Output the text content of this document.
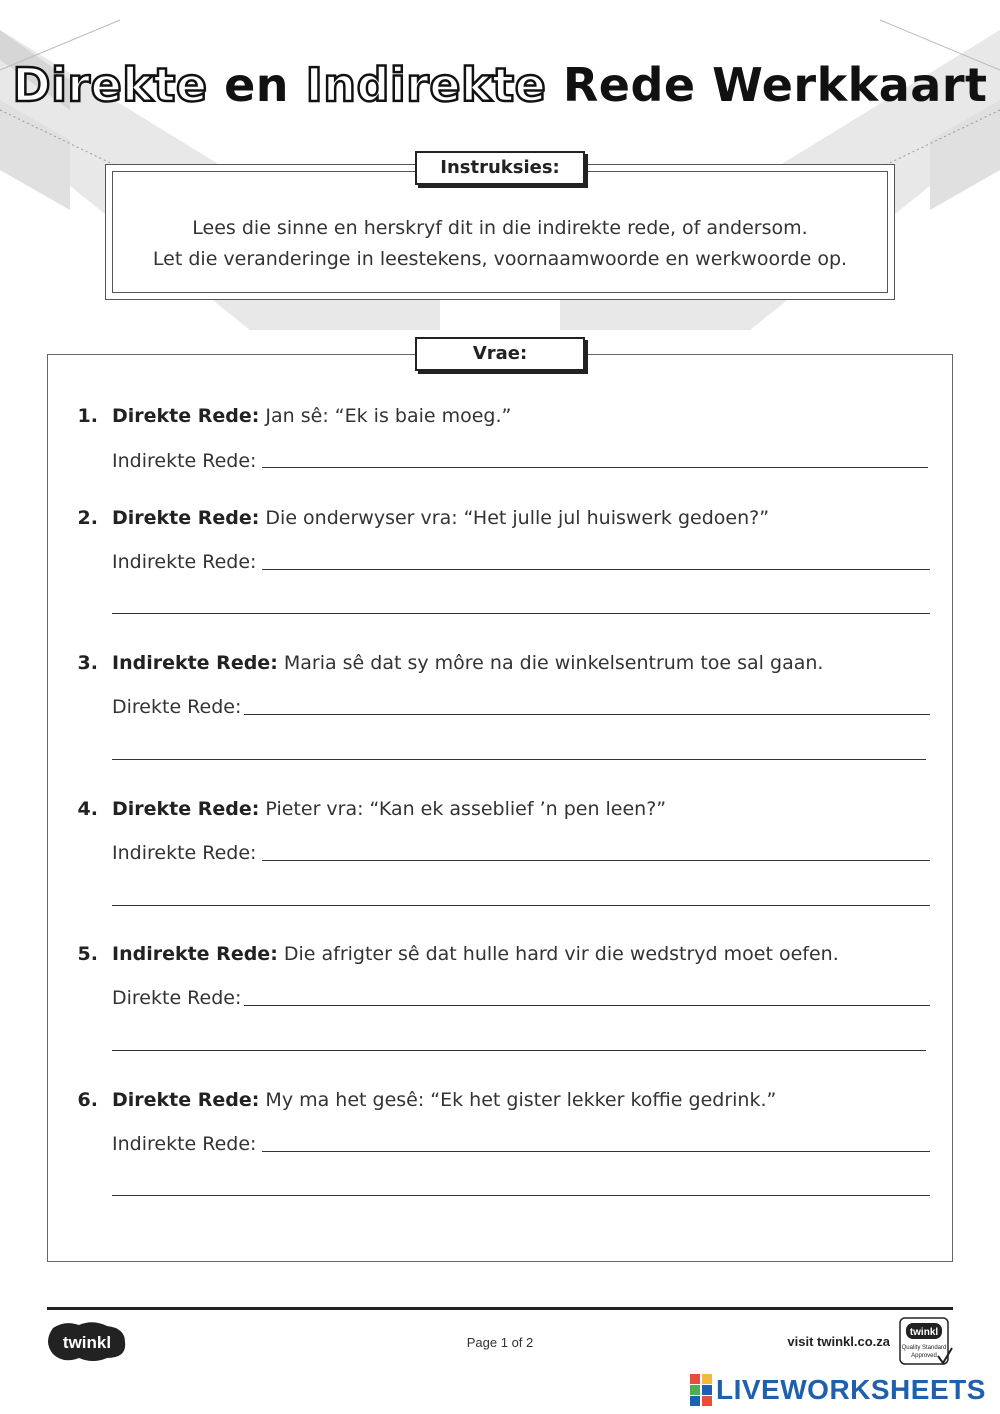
Direkte en Indirekte Rede Werkkaart
Lees die sinne en herskryf dit in die indirekte rede, of andersom.
Let die veranderinge in leestekens, voornaamwoorde en werkwoorde op.
Instruksies:
Vrae:
1. Direkte Rede: Jan sê: “Ek is baie moeg.”
Indirekte Rede:
2. Direkte Rede: Die onderwyser vra: “Het julle jul huiswerk gedoen?”
Indirekte Rede:
3. Indirekte Rede: Maria sê dat sy môre na die winkelsentrum toe sal gaan.
Direkte Rede:
4. Direkte Rede: Pieter vra: “Kan ek asseblief ’n pen leen?”
Indirekte Rede:
5. Indirekte Rede: Die afrigter sê dat hulle hard vir die wedstryd moet oefen.
Direkte Rede:
6. Direkte Rede: My ma het gesê: “Ek het gister lekker koffie gedrink.”
Indirekte Rede:
twinkl	Page 1 of 2	visit twinkl.co.za
twinkl
Quality Standard
Approved
LIVEWORKSHEETS
